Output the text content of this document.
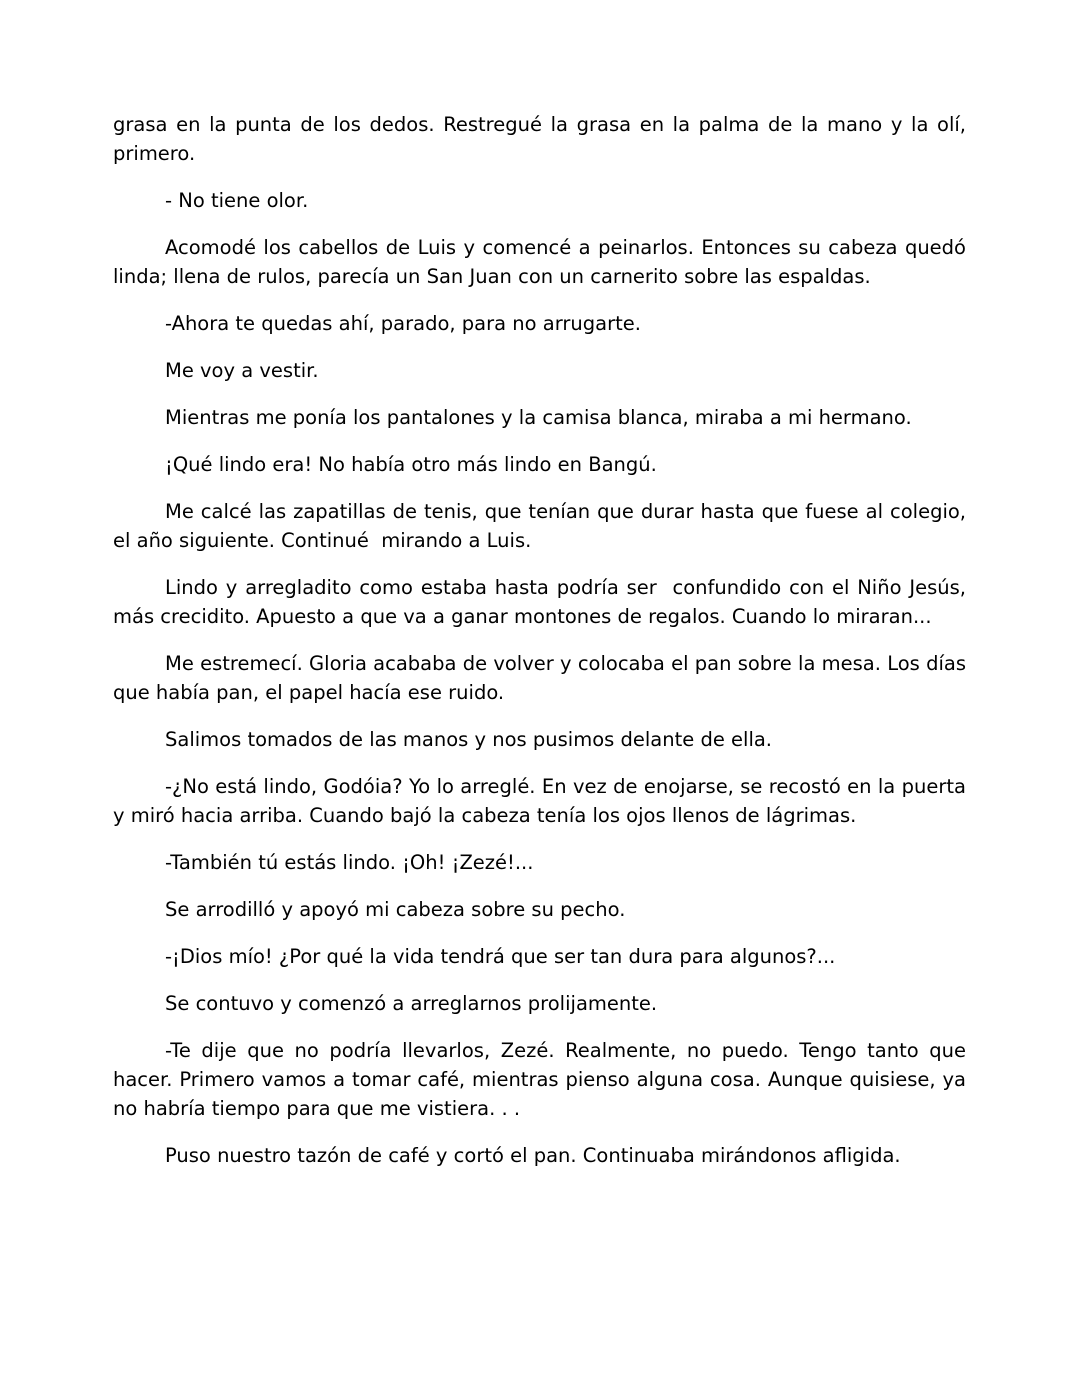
grasa en la punta de los dedos. Restregué la grasa en la palma de la mano y la olí, primero.

- No tiene olor.

Acomodé los cabellos de Luis y comencé a peinarlos. Entonces su cabeza quedó linda; llena de rulos, parecía un San Juan con un carnerito sobre las espaldas.

-Ahora te quedas ahí, parado, para no arrugarte.

Me voy a vestir.

Mientras me ponía los pantalones y la camisa blanca, miraba a mi hermano.

¡Qué lindo era! No había otro más lindo en Bangú.

Me calcé las zapatillas de tenis, que tenían que durar hasta que fuese al colegio, el año siguiente. Continué  mirando a Luis.

Lindo y arregladito como estaba hasta podría ser  confundido con el Niño Jesús, más crecidito. Apuesto a que va a ganar montones de regalos. Cuando lo miraran...

Me estremecí. Gloria acababa de volver y colocaba el pan sobre la mesa. Los días que había pan, el papel hacía ese ruido.

Salimos tomados de las manos y nos pusimos delante de ella.

-¿No está lindo, Godóia? Yo lo arreglé. En vez de enojarse, se recostó en la puerta y miró hacia arriba. Cuando bajó la cabeza tenía los ojos llenos de lágrimas.

-También tú estás lindo. ¡Oh! ¡Zezé!...

Se arrodilló y apoyó mi cabeza sobre su pecho.

-¡Dios mío! ¿Por qué la vida tendrá que ser tan dura para algunos?...

Se contuvo y comenzó a arreglarnos prolijamente.

-Te dije que no podría llevarlos, Zezé. Realmente, no puedo. Tengo tanto que hacer. Primero vamos a tomar café, mientras pienso alguna cosa. Aunque quisiese, ya no habría tiempo para que me vistiera. . .

Puso nuestro tazón de café y cortó el pan. Continuaba mirándonos afligida.
